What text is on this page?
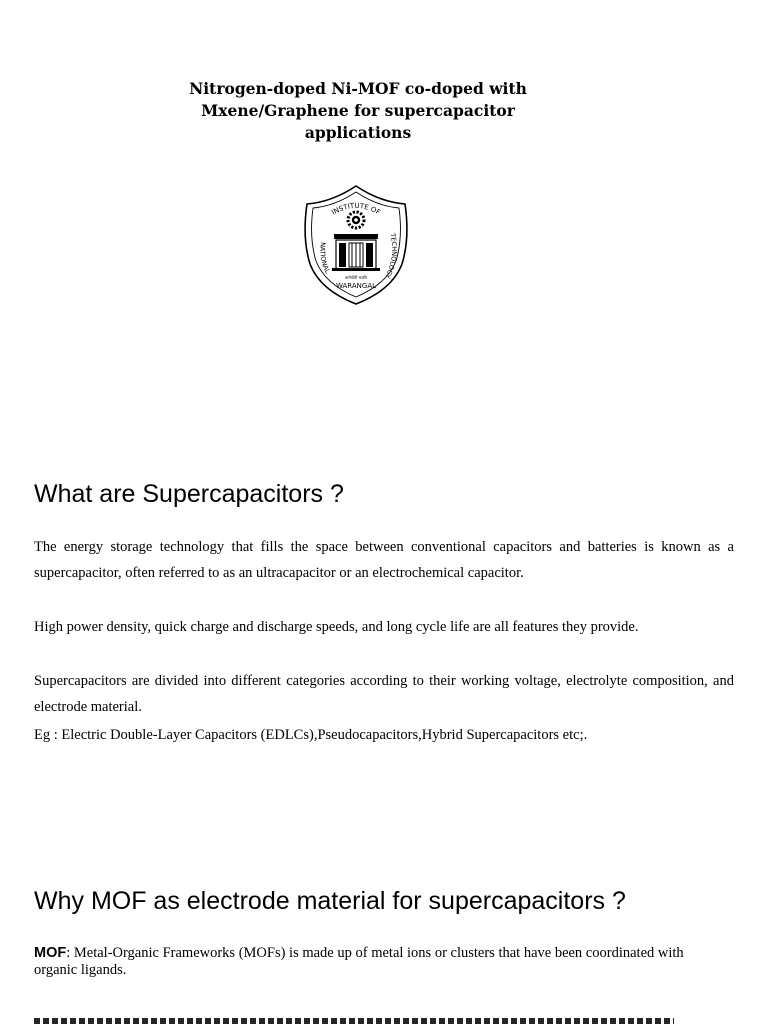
Nitrogen-doped Ni-MOF co-doped with
Mxene/Graphene for supercapacitor
applications
INSTITUTE OF
NATIONAL
TECHNOLOGY
कर्मयोगी भवति
WARANGAL
What are Supercapacitors ?
The energy storage technology that fills the space between conventional capacitors and batteries is known as a supercapacitor, often referred to as an ultracapacitor or an electrochemical capacitor.
High power density, quick charge and discharge speeds, and long cycle life are all features they provide.
Supercapacitors are divided into different categories according to their working voltage, electrolyte composition, and electrode material.
Eg : Electric Double-Layer Capacitors (EDLCs),Pseudocapacitors,Hybrid Supercapacitors etc;.
Why MOF as electrode material for supercapacitors ?
MOF: Metal-Organic Frameworks (MOFs) is made up of metal ions or clusters that have been coordinated with organic ligands.
